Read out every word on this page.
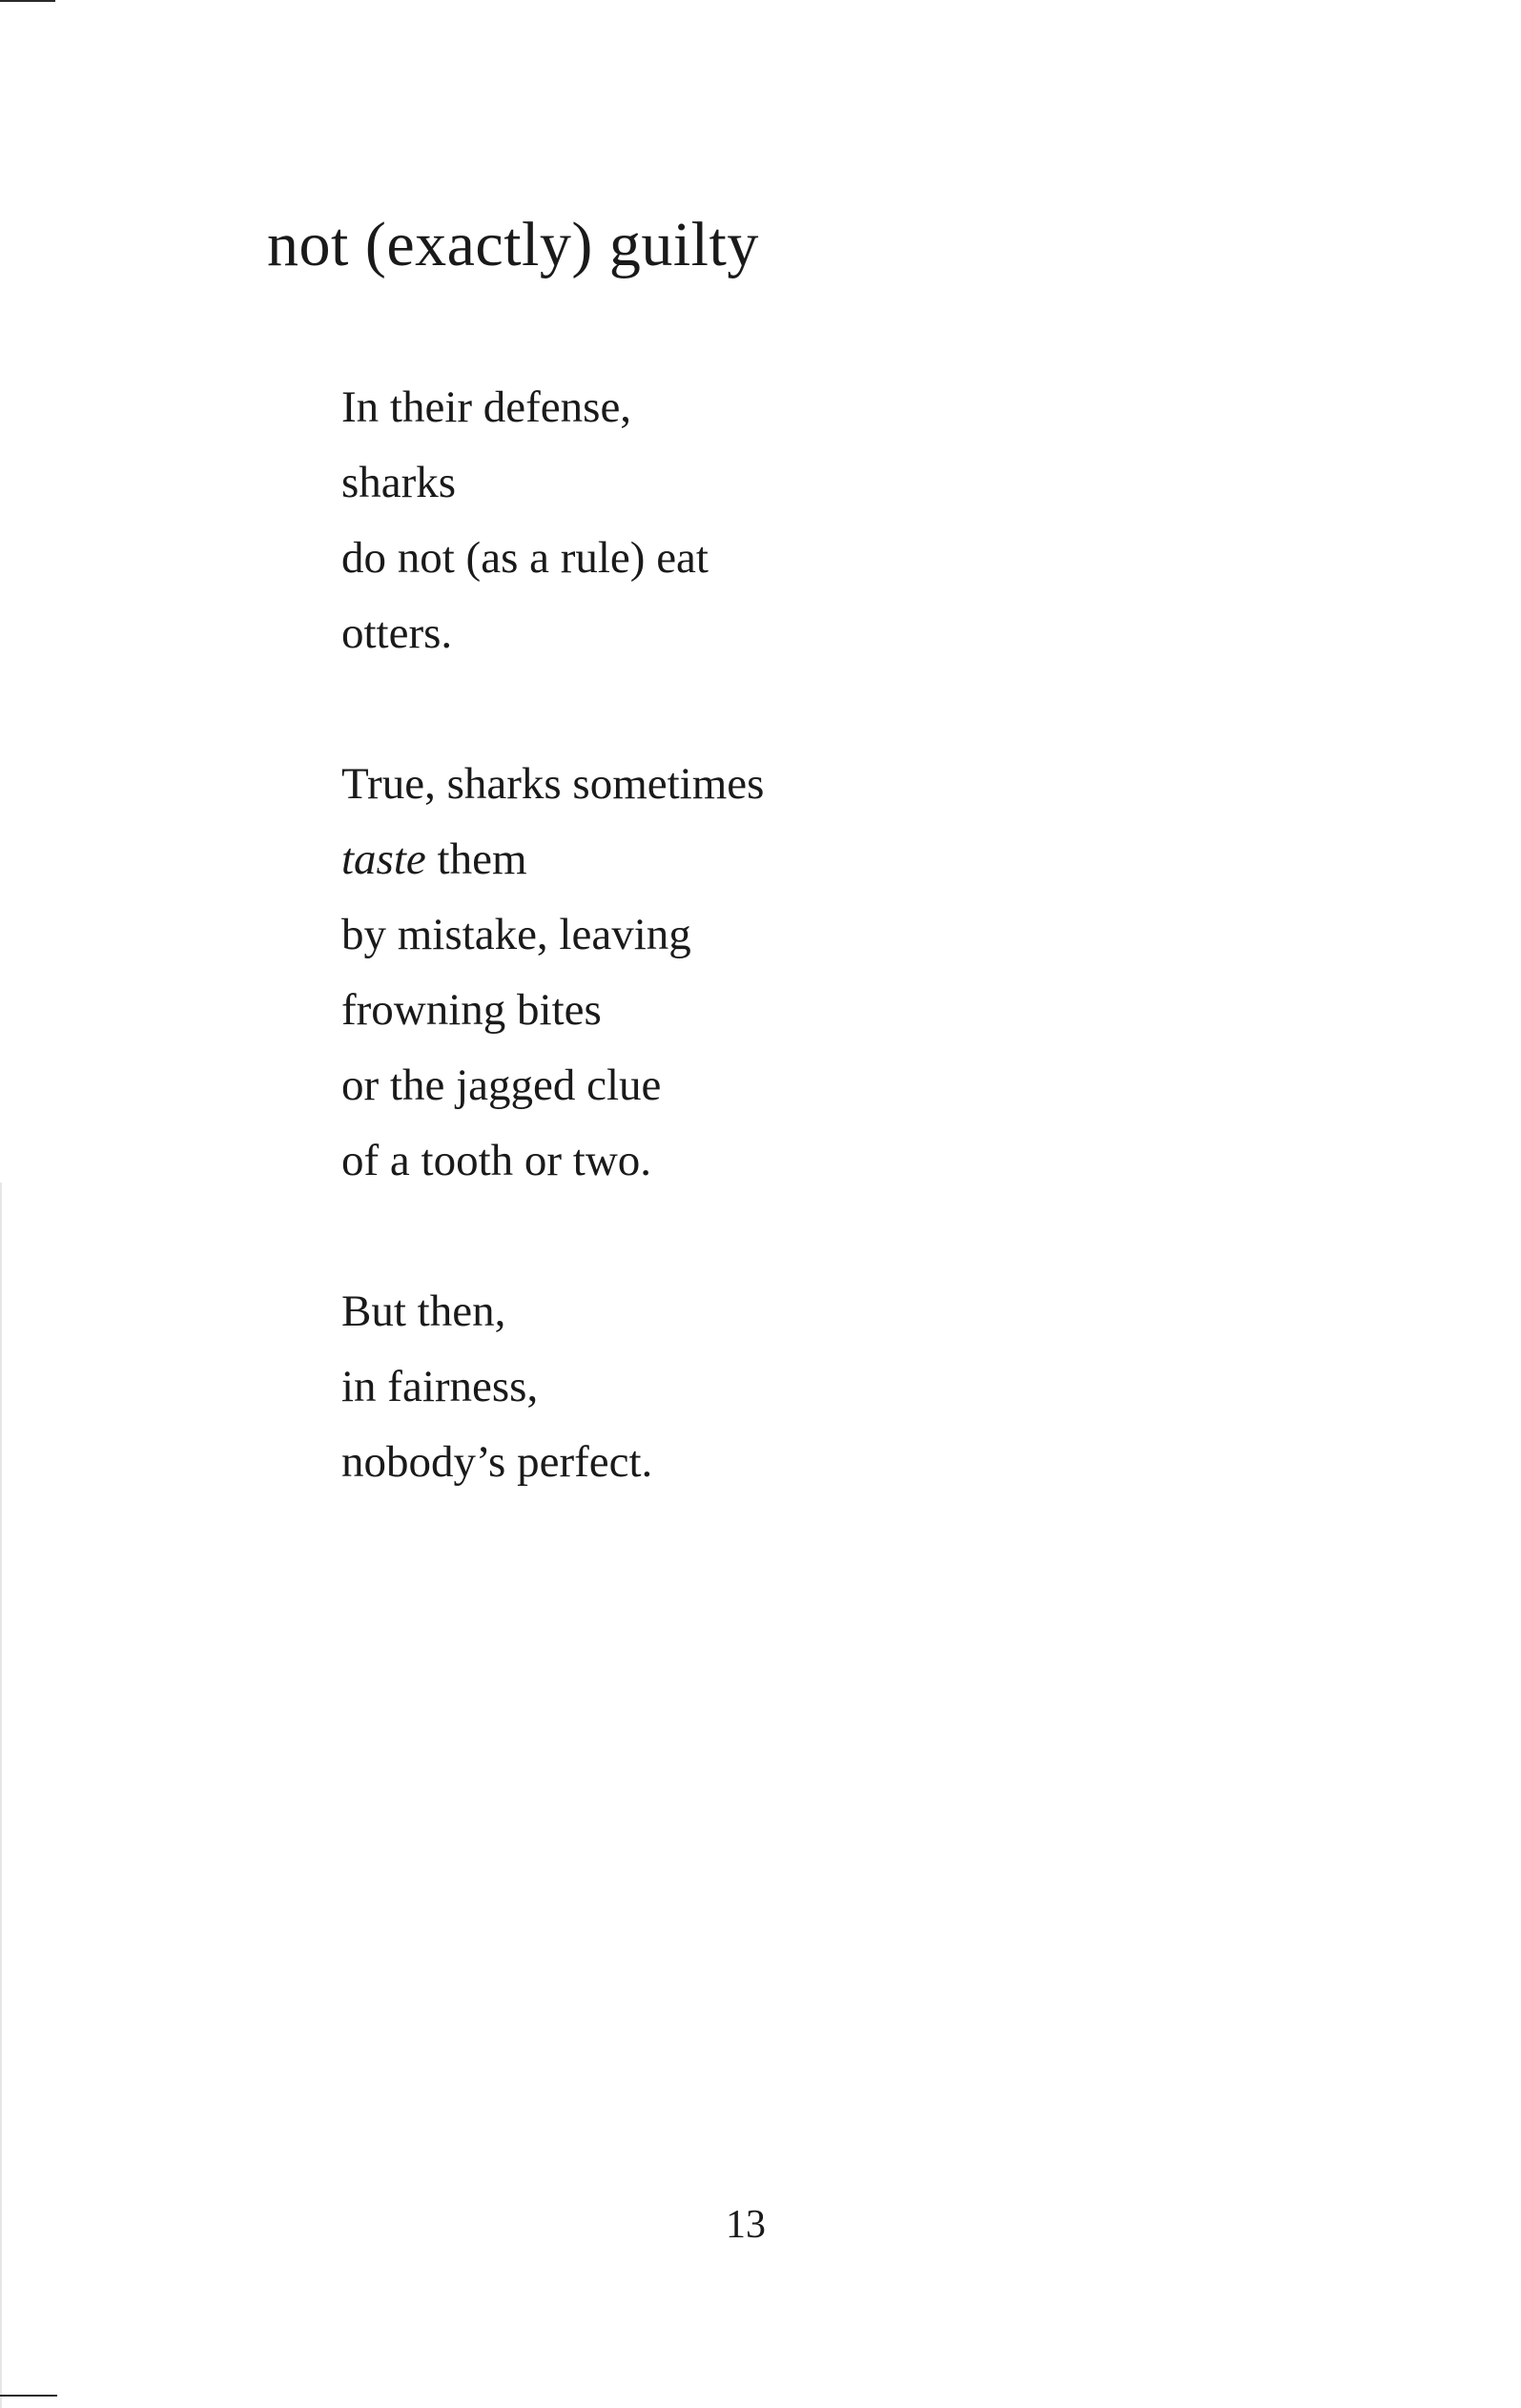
not (exactly) guilty
In their defense,
sharks
do not (as a rule) eat
otters.
True, sharks sometimes
taste them
by mistake, leaving
frowning bites
or the jagged clue
of a tooth or two.
But then,
in fairness,
nobody’s perfect.
13
